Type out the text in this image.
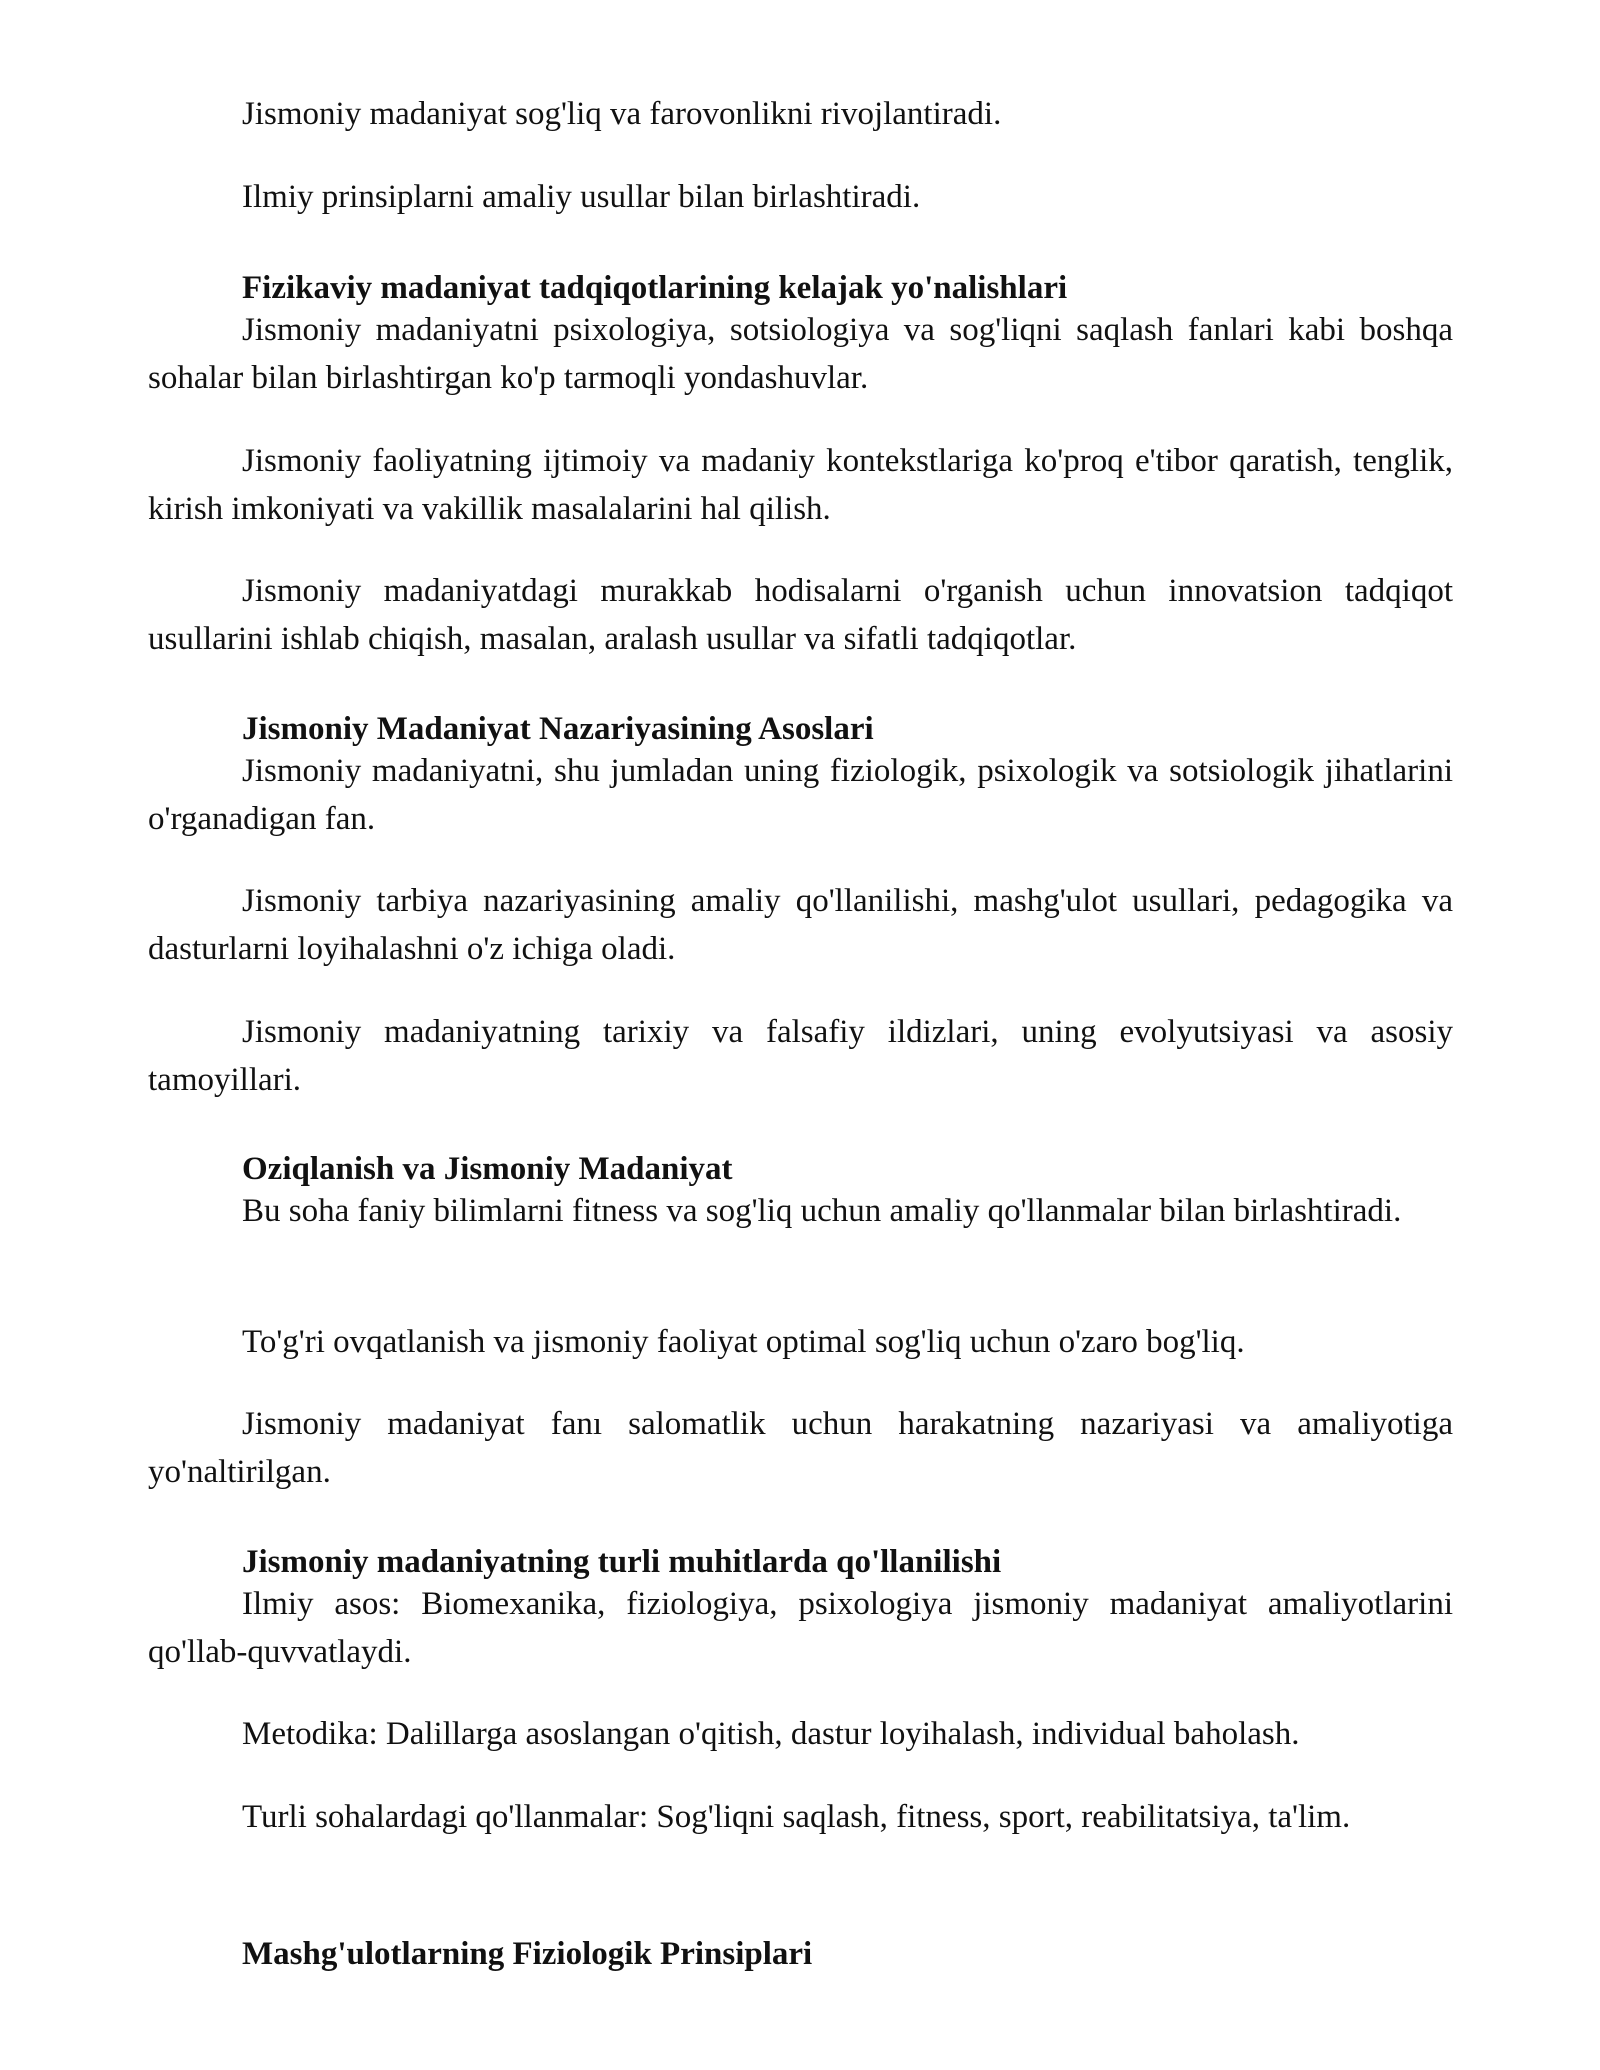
Jismoniy madaniyat sog'liq va farovonlikni rivojlantiradi.

Ilmiy prinsiplarni amaliy usullar bilan birlashtiradi.

Fizikaviy madaniyat tadqiqotlarining kelajak yo'nalishlari

Jismoniy madaniyatni psixologiya, sotsiologiya va sog'liqni saqlash fanlari kabi boshqa sohalar bilan birlashtirgan ko'p tarmoqli yondashuvlar.

Jismoniy faoliyatning ijtimoiy va madaniy kontekstlariga ko'proq e'tibor qaratish, tenglik, kirish imkoniyati va vakillik masalalarini hal qilish.

Jismoniy madaniyatdagi murakkab hodisalarni o'rganish uchun innovatsion tadqiqot usullarini ishlab chiqish, masalan, aralash usullar va sifatli tadqiqotlar.

Jismoniy Madaniyat Nazariyasining Asoslari

Jismoniy madaniyatni, shu jumladan uning fiziologik, psixologik va sotsiologik jihatlarini o'rganadigan fan.

Jismoniy tarbiya nazariyasining amaliy qo'llanilishi, mashg'ulot usullari, pedagogika va dasturlarni loyihalashni o'z ichiga oladi.

Jismoniy madaniyatning tarixiy va falsafiy ildizlari, uning evolyutsiyasi va asosiy tamoyillari.

Oziqlanish va Jismoniy Madaniyat

Bu soha faniy bilimlarni fitness va sog'liq uchun amaliy qo'llanmalar bilan birlashtiradi.

To'g'ri ovqatlanish va jismoniy faoliyat optimal sog'liq uchun o'zaro bog'liq.

Jismoniy madaniyat fanı salomatlik uchun harakatning nazariyasi va amaliyotiga yo'naltirilgan.

Jismoniy madaniyatning turli muhitlarda qo'llanilishi

Ilmiy asos: Biomexanika, fiziologiya, psixologiya jismoniy madaniyat amaliyotlarini qo'llab-quvvatlaydi.

Metodika: Dalillarga asoslangan o'qitish, dastur loyihalash, individual baholash.

Turli sohalardagi qo'llanmalar: Sog'liqni saqlash, fitness, sport, reabilitatsiya, ta'lim.

Mashg'ulotlarning Fiziologik Prinsiplari
